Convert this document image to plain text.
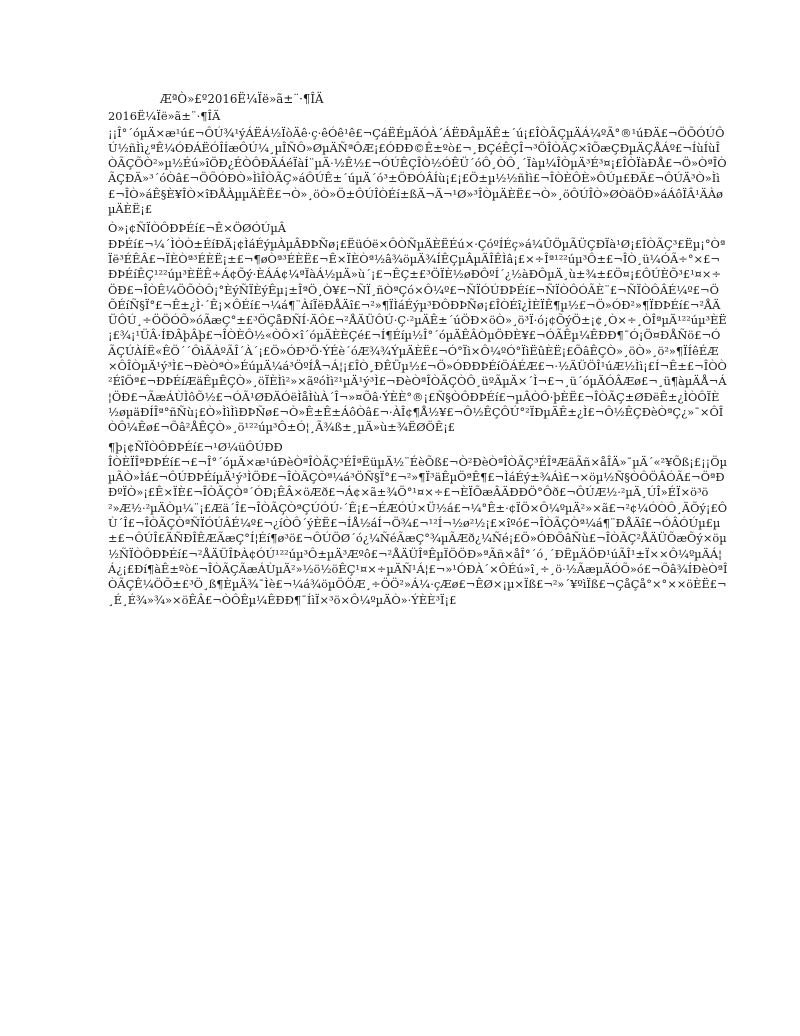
ÆªÒ»£º2016Ë¼Ïë»ã±¨·¶ÎÄ
2016Ë¼Ïë»ã±¨·¶ÎÄ
¡¡Î°´óµÄ×æ¹ú£¬ÔÚ¾¹ýÁËÁ½ÏòÄê·ç·êÓê¹ê£¬ÇáËÉµÄÓÀ´ÁËÐÂµÄÊ±´ú¡£ÎÒÃÇµÄÁ¼ºÃ°®¹úÐÄ£¬ÖÕÓÚÔÚ½ñÌì¿ªÊ¼ÓÐÁËÓÎÍæÔÚ¼¸µÎÑÔ»ØµÄÑªÔÆ¡£ÓÐÐ©Ê±ºò£¬¸ÐÇéÊÇÎ¬³ÖÎÒÃÇ×îÕæÇÐµÄÇÅÁº£¬ÍùÍùÎÒÃÇÕÒ²»µ½Éú»îÖÐ¿ÉÒÔÐÄÁéÏàÍ¨µÄ·½Ê½£¬ÓÚÊÇÎÒ½ÓÊÜ´óÔ¸ÒÔ¸´Ïàµ¼ÎÒµÄ³É³¤¡£ÎÒÏàÐÅ£¬Ö»ÒªÎÒÃÇÐÄ»³´óÒâ£¬ÖÕÓÐÒ»ÌìÎÒÃÇ»áÔÚÊ±´úµÄ´ó³±ÖÐÓÂÍù¡£¡£Ö±µ½½ñÌì£¬ÎÒÈÔÈ»ÔÚµ£ÐÄ£¬ÔÚÄ³Ò»Ìì£¬ÎÒ»áÊ§È¥ÎÒ×îÐÅÀµµÄÈË£¬Ò»¸öÒ»Ö±ÔÚÎÒÉí±ßÄ¬Ä¬¹Ø»³ÎÒµÄÈË£¬Ò»¸öÔÚÎÒ»ØÒäÖÐ»áÁôÏÂ¹ÄÀøµÄÈË¡£
Ò»¡¢ÑÏÒÔÐÞÉí£¬Ê×ÖØÓÚµÂ
ÐÞÉí£¬¼´ÌÒÒ±ÉíÐÄ¡¢ÌáÉýµÀµÂÐÞÑø¡£ËüÓë×ÔÒÑµÄÈËÉú×·ÇóºÍÉç»á¼ÛÖµÃÜÇÐÏà¹Ø¡£ÎÒÃÇ³£Ëµ¡°ÒªÏë³ÉÊÂ£¬ÏÈÒª³ÉÈË¡±£¬¶øÒª³ÉÈË£¬Ê×ÏÈÒª½â¾öµÄ¾ÍÊÇµÂµÄÎÊÌâ¡£×÷Îª¹²²úµ³Ô±£¬ÎÒ¸ü¼ÓÃ÷°×£¬ÐÞÉíÊÇ¹²²úµ³ÈËÊ÷Á¢Õý·ÈÁÁ¢¼ªÏàÁ½µÄ»ù´¡£¬ÊÇ±£³ÖÏÈ½øÐÔºÍ´¿½àÐÔµÄ¸ù±¾±£Ö¤¡£ÔÚÈÕ³£¹¤×÷ÖÐ£¬ÎÒÊ¼ÖÕÒÔ¡°ÈýÑÏÈýÊµ¡±ÎªÖ¸Ò¥£¬ÑÏ¸ñÒªÇó×Ô¼º£¬ÑÏÓÚÐÞÉí£¬ÑÏÒÔÓÃÈ¨£¬ÑÏÒÔÂÉ¼º£¬ÖÕÉíÑ§Ï°£¬Ê±¿Ì·´Ê¡×ÔÉí£¬¼á¶¨ÀíÏëÐÅÄî£¬²»¶ÏÌáÉýµ³ÐÔÐÞÑø¡£ÎÒÉî¿ÌÈÏÊ¶µ½£¬Ö»ÓÐ²»¶ÏÐÞÉí£¬²ÅÄÜÔÚ¸÷ÖÖÓÕ»óÃæÇ°±£³ÖÇåÐÑÍ·ÄÔ£¬²ÅÄÜÔÚ·Ç·²µÄÊ±´úÖÐ×öÒ»¸ö³Ï·ó¡¢ÕýÖ±¡¢¸Ò×÷¸ÒÎªµÄ¹²²úµ³ÈË¡£¾¡¹ÜÂ·ÍÐÂþÂþ£¬ÎÒÈÔ½«ÒÔ×î´óµÄÈÈÇé£¬Í¶Éíµ½Î°´óµÄÊÂÒµÖÐÈ¥£¬ÓÃÊµ¼ÊÐÐ¶¯Ó¡Ö¤ÐÅÑö£¬ÓÃÇÚÀÍË«ÊÖ´´ÔìÃÀºÃÎ´À´¡£Ö»ÓÐ³Ö·ÝÉè´óÆ¾¾ÝµÄÈË£¬Ó°Ïì×Ô¼ºÓ°ÏìËûÈË¡£ÕâÊÇÒ»¸öÒ»¸ö²»¶ÏÍêÉÆ×ÔÎÒµÄ¹ý³Ì£¬ÐèÒªÒ»ÉúµÄ¼á³ÖºÍÅ¬Á¦¡£ÎÒ¸ÐÊÜµ½£¬Ö»ÓÐÐÞÉíÖÁÉÆ£¬·½ÄÜÖÎ¹úÆ½Ìì¡£Í¬Ê±£¬ÎÒÒ²ÉîÖª£¬ÐÞÉíÆäÊµÊÇÒ»¸öÏÈÌì²»×ãºóÌì²¹µÄ¹ý³Ì£¬ÐèÒªÎÒÃÇÒÔ¸üºÃµÄ×´Ì¬£¬¸ü´óµÄÓÂÆø£¬¸ü¶àµÄÅ¬Á¦ÖÐ£¬ÃæÁÙÌôÕ½£¬ÓÃ¹ØÐÄÓëÌåÌùÀ´Î¬»¤Õâ·ÝÈÈ°®¡£Ñ§ÒÔÐÞÉí£¬µÂÒÔ·þÈË£¬ÎÒÃÇ±ØÐëÊ±¿ÌÒÔÏÈ½øµäÐÍÎª°ñÑù¡£Ò»ÌìÌìÐÞÑø£¬Ò»Ê±Ê±ÁôÒâ£¬·ÀÎ¢¶Å½¥£¬Ô½ÊÇÔÚ°²ÏÐµÄÊ±¿Ì£¬Ô½ÊÇÐèÒªÇ¿»¯×ÔÎÒÔ¼Êø£¬Õâ²ÅÊÇÒ»¸ö¹²²úµ³Ô±Ó¦¸Ã¾ß±¸µÄ»ù±¾ËØÖÊ¡£
¶þ¡¢ÑÏÒÔÐÞÉí£¬¹Ø¼üÔÚÐÐ
ÎÒÈÏÎªÐÞÉí£¬£¬Î°´óµÄ×æ¹úÐèÒªÎÒÃÇ³ÉÎªËüµÄ½¨ÉèÕß£¬Ò²ÐèÒªÎÒÃÇ³ÉÎªÆäÃñ×åÎÄ»¯µÄ´«²¥Õß¡£¡¡ÖµµÃÒ»Ìá£¬ÔÚÐÞÉíµÄ¹ý³ÌÖÐ£¬ÎÒÃÇÒª¼á³ÖÑ§Ï°£¬²»¶Ï³äÊµÖªÊ¶£¬ÌáÉý±¾Áì£¬×öµ½Ñ§ÒÔÖÂÓÃ£¬ÖªÐÐºÏÒ»¡£Ê×ÏÈ£¬ÎÒÃÇÒª´ÓÐ¡ÊÂ×öÆð£¬Á¢×ã±¾Ö°¹¤×÷£¬ÈÏÕæÂÄÐÐÖ°Ôð£¬ÔÚÆ½·²µÄ¸ÚÎ»ÉÏ×ö³ö²»Æ½·²µÄÒµ¼¨¡£Æä´Î£¬ÎÒÃÇÒªÇÚÓÚ·´Ê¡£¬ÉÆÓÚ×Ü½á£¬¼°Ê±·¢ÏÖ×Ô¼ºµÄ²»×ã£¬²¢¼ÓÒÔ¸ÄÕý¡£ÔÙ´Î£¬ÎÒÃÇÒªÑÏÓÚÂÉ¼º£¬¿íÒÔ´ýÈË£¬ÍÅ½áÍ¬Ö¾£¬¹²Í¬½ø²½¡£×îºó£¬ÎÒÃÇÒª¼á¶¨ÐÅÄî£¬ÓÂÓÚµ£µ±£¬ÔÚÎ£ÄÑÐÎÊÆÃæÇ°Í¦Éí¶ø³ö£¬ÔÚÖØ´ó¿¼ÑéÃæÇ°¾µÃÆð¿¼Ñé¡£Ö»ÓÐÕâÑù£¬ÎÒÃÇ²ÅÄÜÕæÕý×öµ½ÑÏÒÔÐÞÉí£¬²ÅÄÜÎÞÀ¢ÓÚ¹²²úµ³Ô±µÄ³Æºô£¬²ÅÄÜÎªÊµÏÖÖÐ»ªÃñ×åÎ°´ó¸´ÐËµÄÖÐ¹úÃÎ¹±Ï××Ô¼ºµÄÁ¦Á¿¡£Ðí¶àÊ±ºò£¬ÎÒÃÇÃæÁÙµÄ²»½ö½öÊÇ¹¤×÷µÄÑ¹Á¦£¬»¹ÓÐÀ´×ÔÉú»î¸÷¸ö·½ÃæµÄÓÕ»ó£¬Õâ¾ÍÐèÒªÎÒÃÇÊ¼ÖÕ±£³Ö¸ß¶ÈµÄ¾¯Ìè£¬¼á¾öµÖÖÆ¸÷ÖÖ²»Á¼·çÆø£¬ÊØ×¡µ×Ïß£¬²»´¥ºìÏß£¬ÇåÇå°×°××öÈË£¬¸É¸É¾»¾»×öÊÂ£¬ÒÔÊµ¼ÊÐÐ¶¯ÍìÏ×³ö×Ô¼ºµÄÒ»·ÝÈÈ³Ï¡£
